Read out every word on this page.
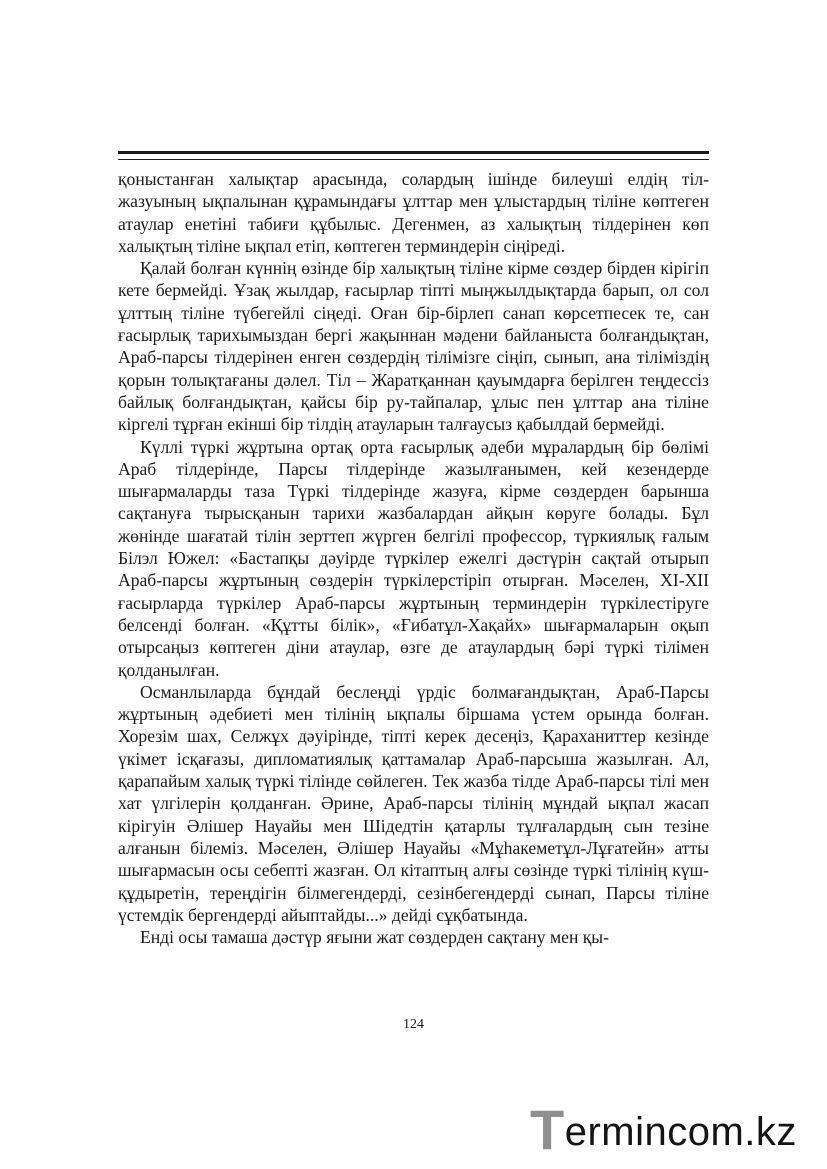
қоныстанған халықтар арасында, солардың ішінде билеуші елдің тіл-жазуының ықпалынан құрамындағы ұлттар мен ұлыстардың тіліне көптеген атаулар енетіні табиғи құбылыс. Дегенмен, аз халықтың тілдерінен көп халықтың тіліне ықпал етіп, көптеген терминдерін сіңіреді.

Қалай болған күннің өзінде бір халықтың тіліне кірме сөздер бірден кірігіп кете бермейді. Ұзақ жылдар, ғасырлар тіпті мыңжылдықтарда барып, ол сол ұлттың тіліне түбегейлі сіңеді. Оған бір-бірлеп санап көрсетпесек те, сан ғасырлық тарихымыздан бергі жақыннан мәдени байланыста болғандықтан, Араб-парсы тілдерінен енген сөздердің тілімізге сіңіп, сынып, ана тіліміздің қорын толықтағаны дәлел. Тіл – Жаратқаннан қауымдарға берілген теңдессіз байлық болғандықтан, қайсы бір ру-тайпалар, ұлыс пен ұлттар ана тіліне кіргелі тұрған екінші бір тілдің атауларын талғаусыз қабылдай бермейді.

Күллі түркі жұртына ортақ орта ғасырлық әдеби мұралардың бір бөлімі Араб тілдерінде, Парсы тілдерінде жазылғанымен, кей кезендерде шығармаларды таза Түркі тілдерінде жазуға, кірме сөздерден барынша сақтануға тырысқанын тарихи жазбалардан айқын көруге болады. Бұл жөнінде шағатай тілін зерттеп жүрген белгілі профессор, түркиялық ғалым Білэл Южел: «Бастапқы дәуірде түркілер ежелгі дәстүрін сақтай отырып Араб-парсы жұртының сөздерін түркілерстіріп отырған. Мәселен, XI-XII ғасырларда түркілер Араб-парсы жұртының терминдерін түркілестіруге белсенді болған. «Құтты білік», «Ғибатұл-Хақайх» шығармаларын оқып отырсаңыз көптеген діни атаулар, өзге де атаулардың бәрі түркі тілімен қолданылған.

Османлыларда бұндай беслеңді үрдіс болмағандықтан, Араб-Парсы жұртының әдебиеті мен тілінің ықпалы біршама үстем орында болған. Хорезім шах, Селжұх дәуірінде, тіпті керек десеңіз, Қараханиттер кезінде үкімет icқағазы, дипломатиялық қаттамалар Араб-парсыша жазылған. Ал, қарапайым халық түркі тілінде сөйлеген. Тек жазба тілде Араб-парсы тілі мен хат үлгілерін қолданған. Әрине, Араб-парсы тілінің мұндай ықпал жасап кірігуін Әлішер Науайы мен Шідедтін қатарлы тұлғалардың сын тезіне алғанын білеміз. Мәселен, Әлішер Науайы «Мұһакеметұл-Лұғатейн» атты шығармасын осы себепті жазған. Ол кітаптың алғы сөзінде түркі тілінің күш-құдыретін, тереңдігін білмегендерді, сезінбегендерді сынап, Парсы тіліне үстемдік бергендерді айыптайды...» дейді сұқбатында.

Енді осы тамаша дәстүр яғыни жат сөздерден сақтану мен қы-

124
Termincom.kz
